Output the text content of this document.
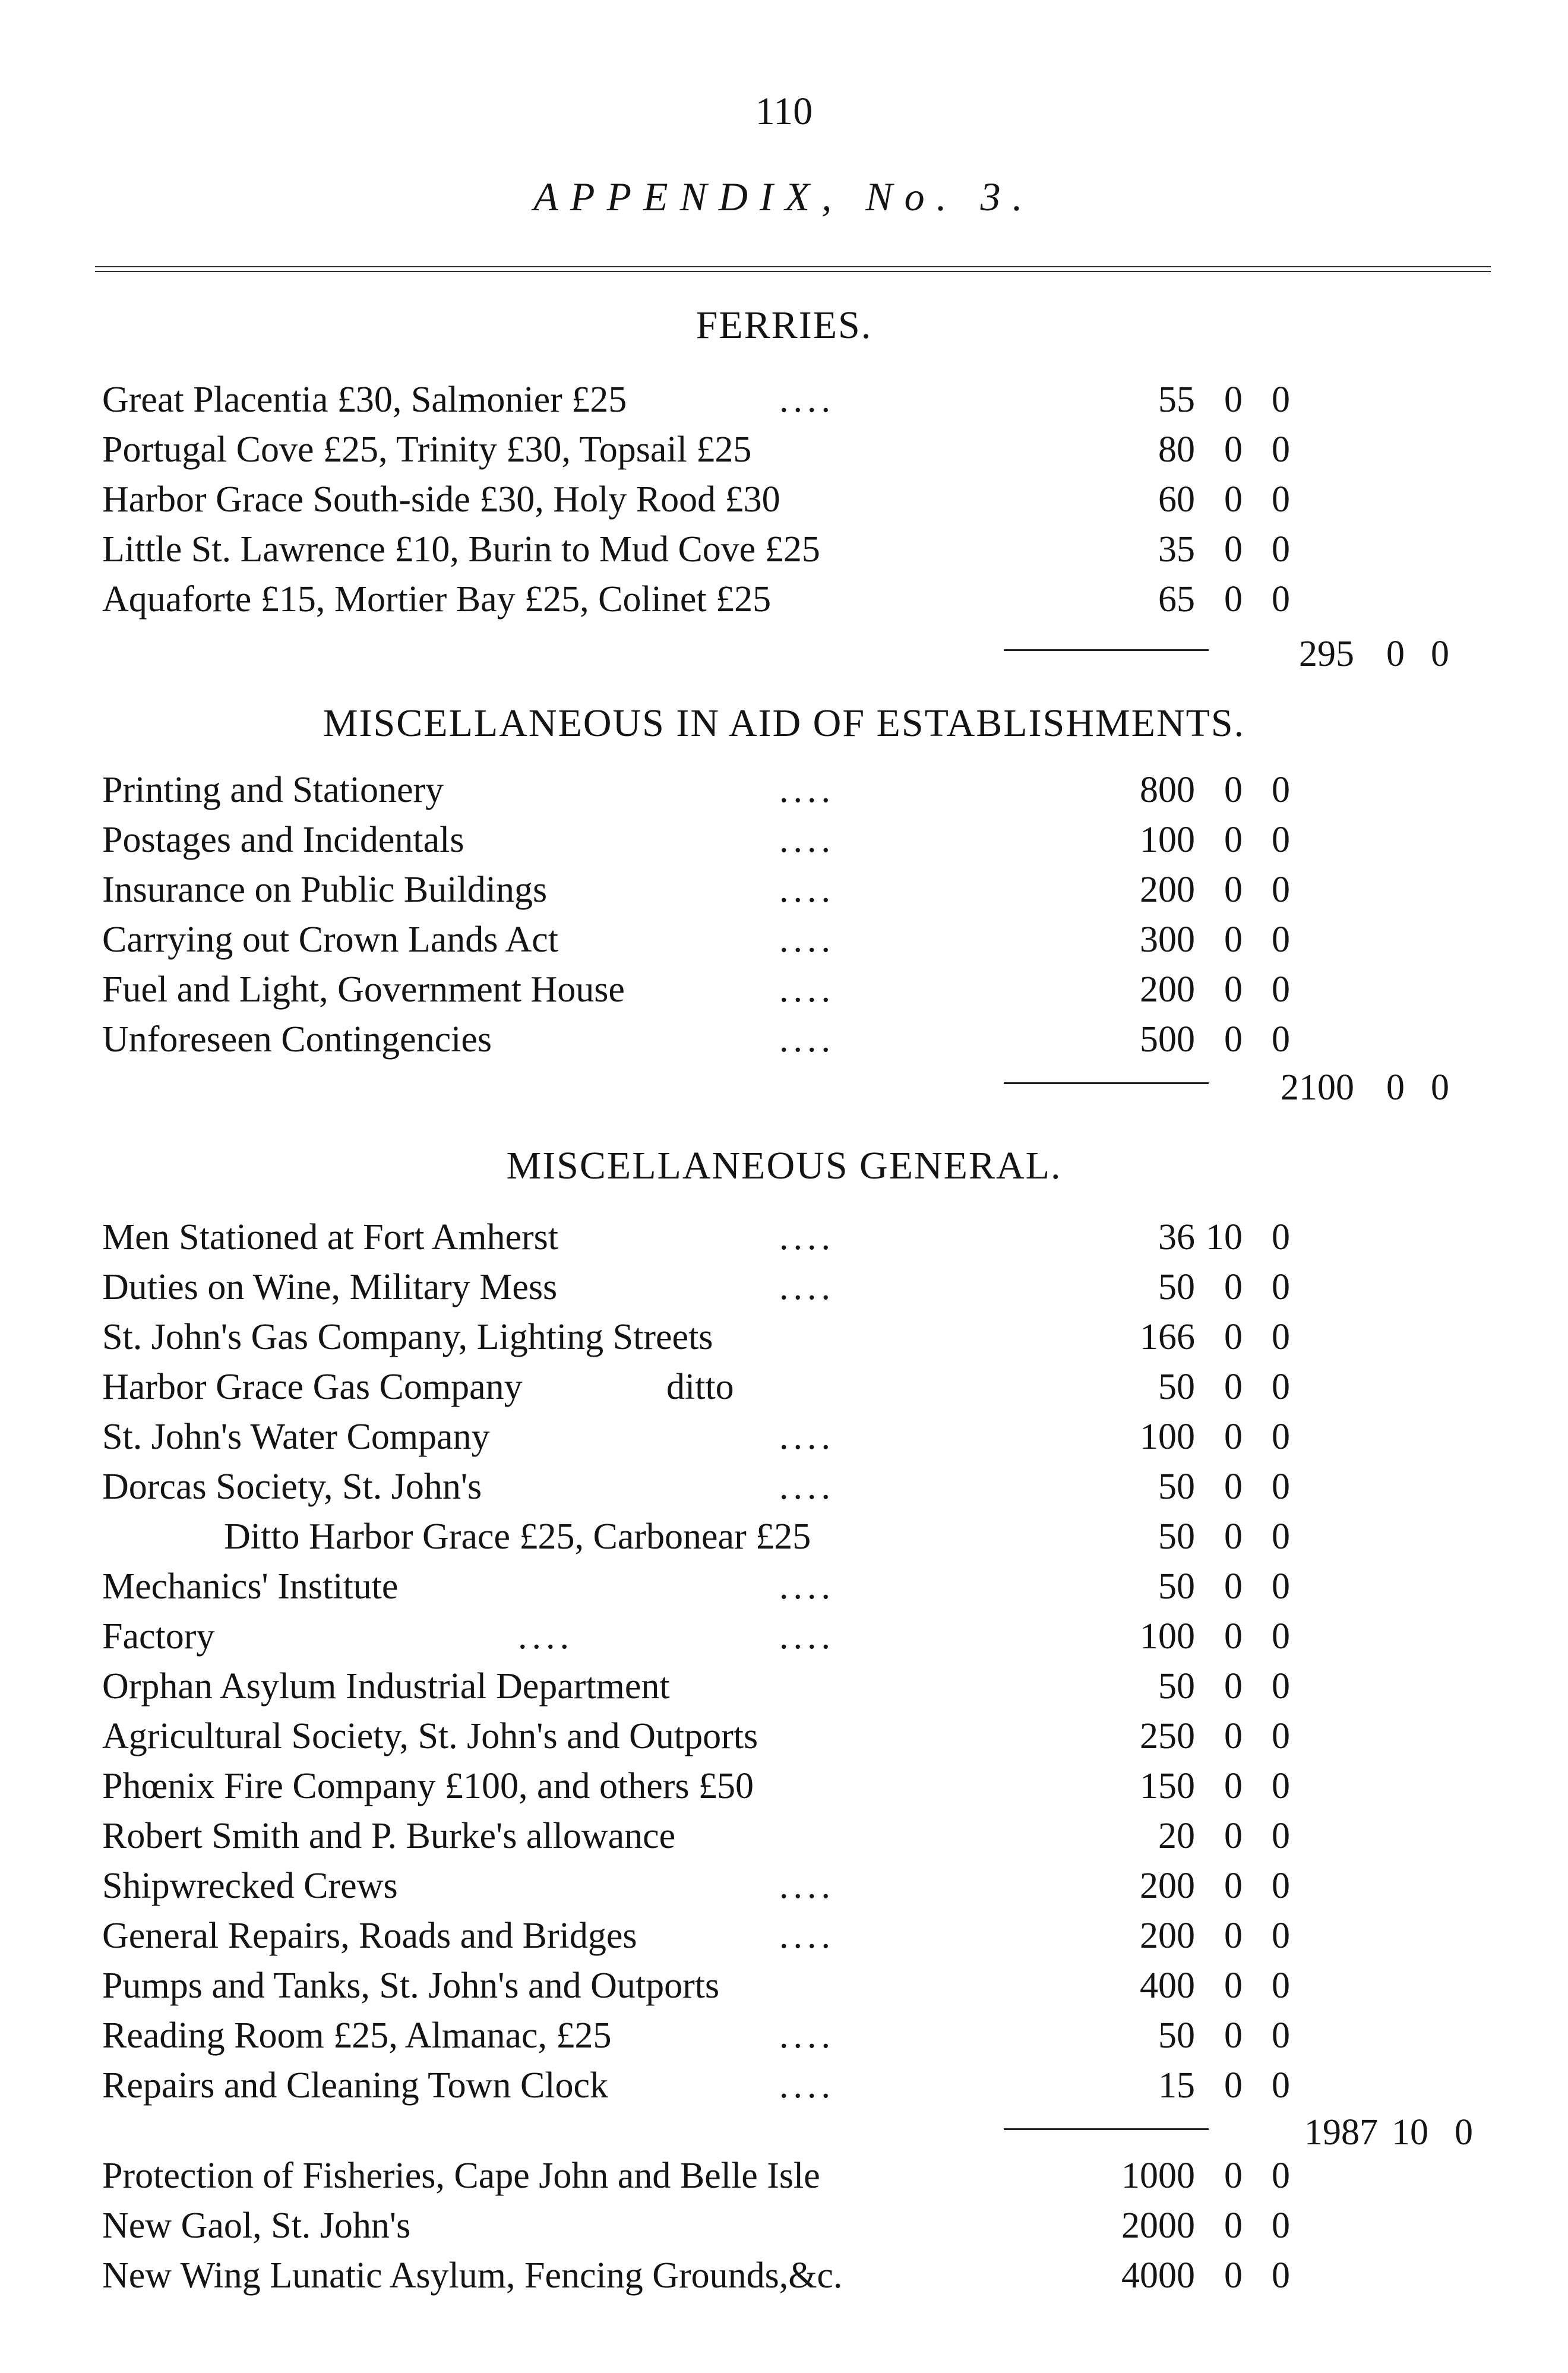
110
APPENDIX, No. 3.
FERRIES.
Great Placentia £30, Salmonier £25	....	55 0 0
Portugal Cove £25, Trinity £30, Topsail £25	80 0 0
Harbor Grace South-side £30, Holy Rood £30	60 0 0
Little St. Lawrence £10, Burin to Mud Cove £25	35 0 0
Aquaforte £15, Mortier Bay £25, Colinet £25	65 0 0
295 0 0
MISCELLANEOUS IN AID OF ESTABLISHMENTS.
Printing and Stationery	....	800 0 0
Postages and Incidentals	....	100 0 0
Insurance on Public Buildings	....	200 0 0
Carrying out Crown Lands Act	....	300 0 0
Fuel and Light, Government House	....	200 0 0
Unforeseen Contingencies	....	500 0 0
2100 0 0
MISCELLANEOUS GENERAL.
Men Stationed at Fort Amherst	....	36 10 0
Duties on Wine, Military Mess	....	50 0 0
St. John's Gas Company, Lighting Streets	166 0 0
Harbor Grace Gas Company	ditto	50 0 0
St. John's Water Company	....	100 0 0
Dorcas Society, St. John's	....	50 0 0
Ditto Harbor Grace £25, Carbonear £25	50 0 0
Mechanics' Institute	....	50 0 0
Factory	....	....	100 0 0
Orphan Asylum Industrial Department	50 0 0
Agricultural Society, St. John's and Outports	250 0 0
Phœnix Fire Company £100, and others £50	150 0 0
Robert Smith and P. Burke's allowance	20 0 0
Shipwrecked Crews	....	200 0 0
General Repairs, Roads and Bridges	....	200 0 0
Pumps and Tanks, St. John's and Outports	400 0 0
Reading Room £25, Almanac, £25	....	50 0 0
Repairs and Cleaning Town Clock	....	15 0 0
1987 10 0
Protection of Fisheries, Cape John and Belle Isle	1000 0 0
New Gaol, St. John's	2000 0 0
New Wing Lunatic Asylum, Fencing Grounds,&c.	4000 0 0
